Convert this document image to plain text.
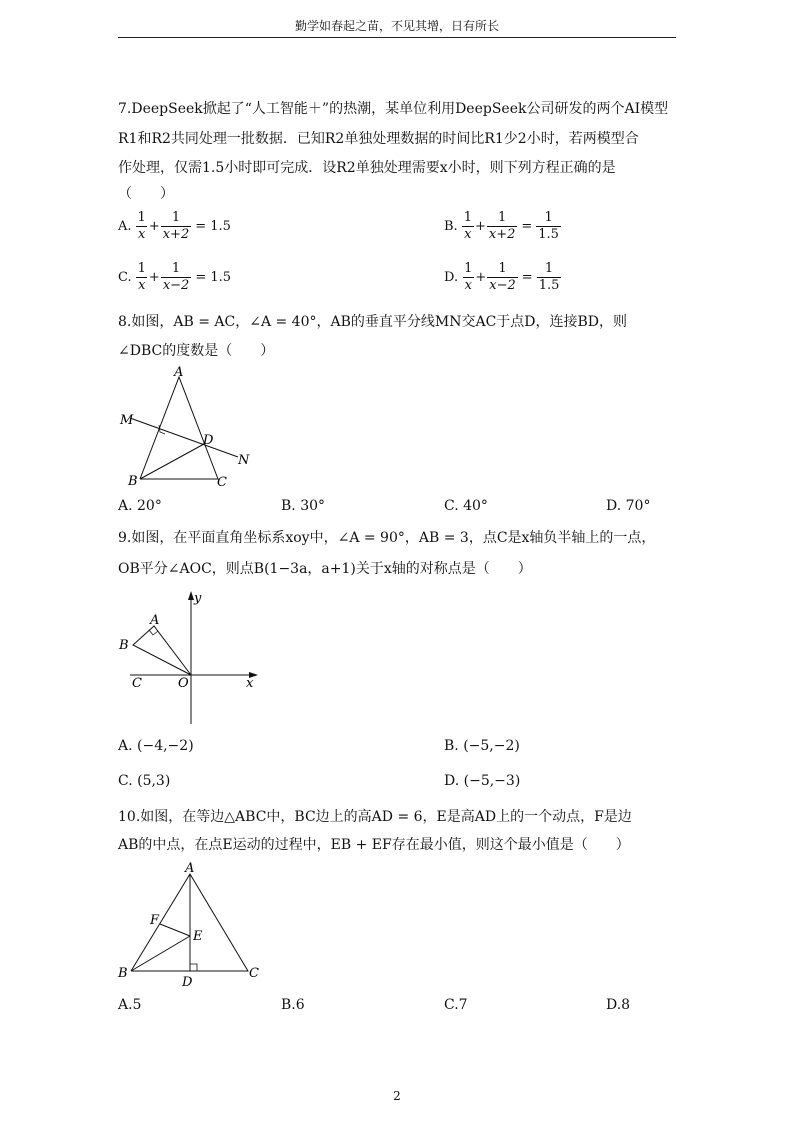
勤学如春起之苗，不见其增，日有所长
7.DeepSeek掀起了“人工智能＋”的热潮，某单位利用DeepSeek公司研发的两个AI模型
R1和R2共同处理一批数据．已知R2单独处理数据的时间比R1少2小时，若两模型合
作处理，仅需1.5小时即可完成．设R2单独处理需要x小时，则下列方程正确的是
（　　）
A. $\frac{1}{x} + \frac{1}{x+2} = 1.5$	B. $\frac{1}{x} + \frac{1}{x+2} = \frac{1}{1.5}$
C. $\frac{1}{x} + \frac{1}{x-2} = 1.5$	D. $\frac{1}{x} + \frac{1}{x-2} = \frac{1}{1.5}$
8.如图，AB = AC，∠A = 40°，AB的垂直平分线MN交AC于点D，连接BD，则
∠DBC的度数是（　　）
A
B	C
D
M
N
A. 20°	B. 30°	C. 40°	D. 70°
9.如图，在平面直角坐标系xoy中，∠A = 90°，AB = 3，点C是x轴负半轴上的一点，
OB平分∠AOC，则点B(1−3a，a+1)关于x轴的对称点是（　　）
y
A
B
C	O	x
A. (−4,−2)	B. (−5,−2)
C. (5,3)	D. (−5,−3)
10.如图，在等边△ABC中，BC边上的高AD = 6，E是高AD上的一个动点，F是边
AB的中点，在点E运动的过程中，EB + EF存在最小值，则这个最小值是（　　）
A
B	C
D
E
F
A.5	B.6	C.7	D.8
2
